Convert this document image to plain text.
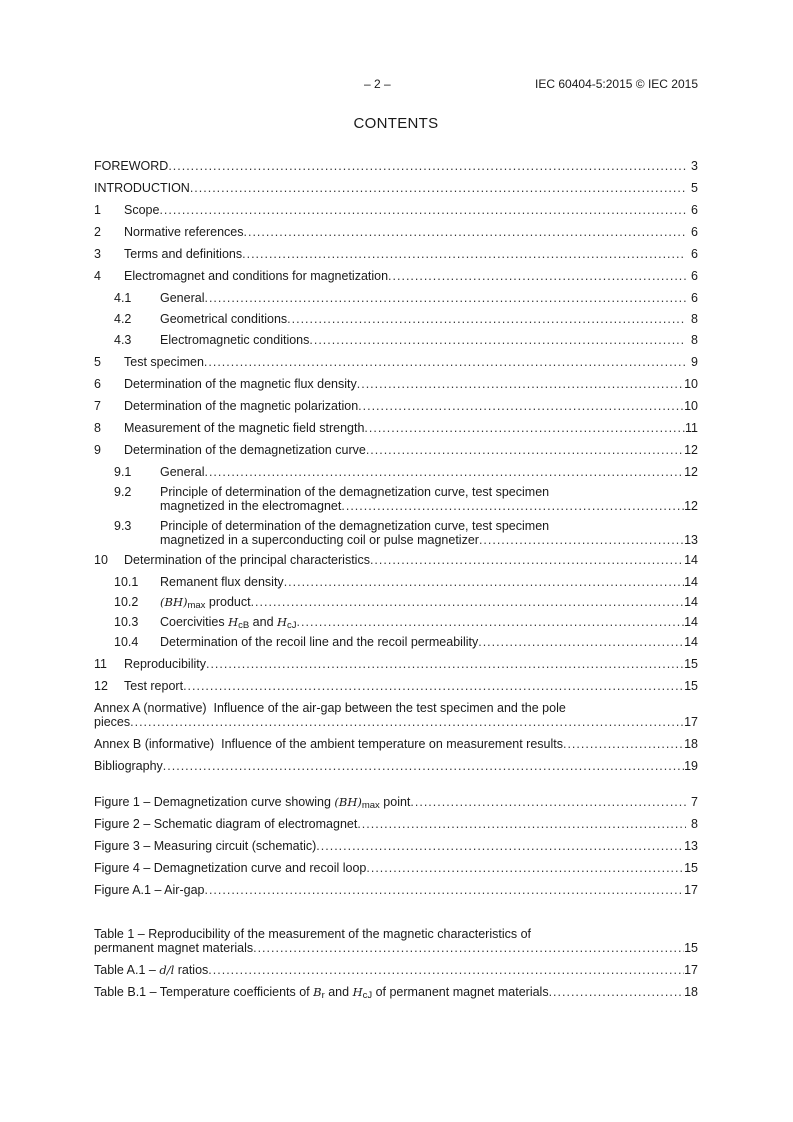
– 2 –	IEC 60404-5:2015 © IEC 2015
CONTENTS
FOREWORD .....	3
INTRODUCTION .....	5
1	Scope .....	6
2	Normative references .....	6
3	Terms and definitions .....	6
4	Electromagnet and conditions for magnetization .....	6
4.1	General .....	6
4.2	Geometrical conditions .....	8
4.3	Electromagnetic conditions .....	8
5	Test specimen .....	9
6	Determination of the magnetic flux density .....	10
7	Determination of the magnetic polarization .....	10
8	Measurement of the magnetic field strength .....	11
9	Determination of the demagnetization curve .....	12
9.1	General .....	12
9.2	Principle of determination of the demagnetization curve, test specimen
magnetized in the electromagnet .....	12
9.3	Principle of determination of the demagnetization curve, test specimen
magnetized in a superconducting coil or pulse magnetizer .....	13
10	Determination of the principal characteristics .....	14
10.1	Remanent flux density .....	14
10.2	$(BH)_{max}$ product .....	14
10.3	Coercivities $H_{cB}$ and $H_{cJ}$ .....	14
10.4	Determination of the recoil line and the recoil permeability .....	14
11	Reproducibility .....	15
12	Test report .....	15
Annex A (normative)  Influence of the air-gap between the test specimen and the pole
pieces .....	17
Annex B (informative)  Influence of the ambient temperature on measurement results .....	18
Bibliography .....	19
Figure 1 – Demagnetization curve showing $(BH)_{max}$ point .....	7
Figure 2 – Schematic diagram of electromagnet .....	8
Figure 3 – Measuring circuit (schematic) .....	13
Figure 4 – Demagnetization curve and recoil loop .....	15
Figure A.1 – Air-gap .....	17
Table 1 – Reproducibility of the measurement of the magnetic characteristics of
permanent magnet materials .....	15
Table A.1 – d/l ratios .....	17
Table B.1 – Temperature coefficients of $B_r$ and $H_{cJ}$ of permanent magnet materials .....	18
